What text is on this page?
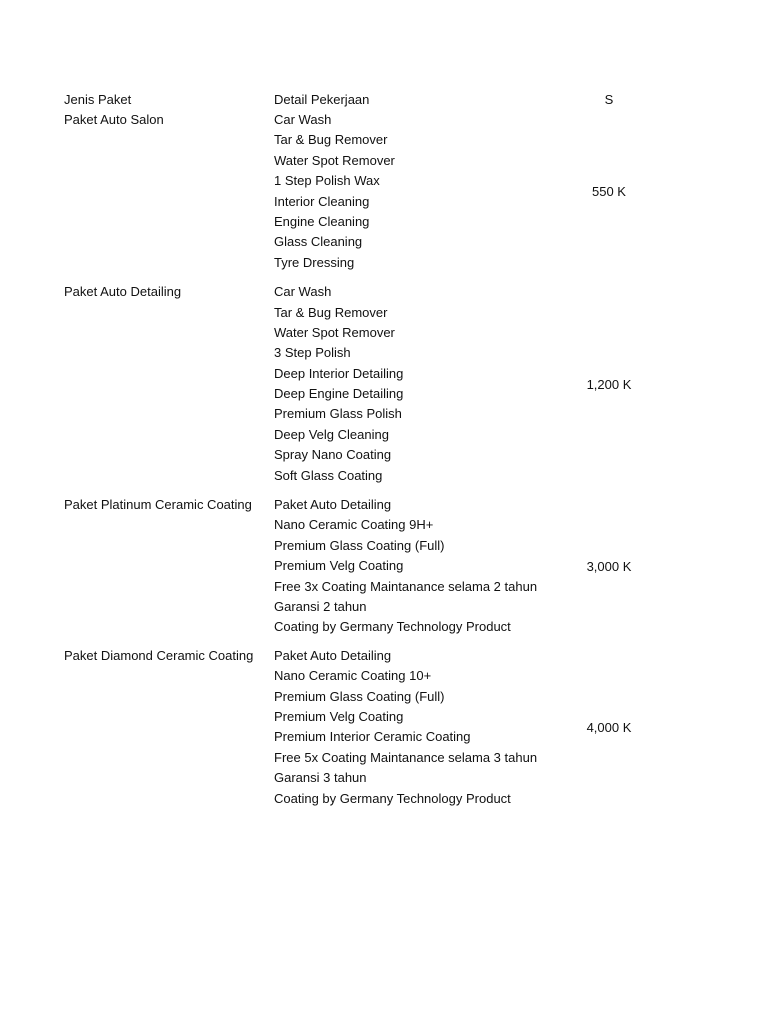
Jenis Paket	Detail Pekerjaan	S
Paket Auto Salon	Car Wash
Tar & Bug Remover
Water Spot Remover
1 Step Polish Wax
Interior Cleaning
Engine Cleaning
Glass Cleaning
Tyre Dressing
550 K
Paket Auto Detailing	Car Wash
Tar & Bug Remover
Water Spot Remover
3 Step Polish
Deep Interior Detailing
Deep Engine Detailing
Premium Glass Polish
Deep Velg Cleaning
Spray Nano Coating
Soft Glass Coating
1,200 K
Paket Platinum Ceramic Coating	Paket Auto Detailing
Nano Ceramic Coating 9H+
Premium Glass Coating (Full)
Premium Velg Coating
Free 3x Coating Maintanance selama 2 tahun
Garansi 2 tahun
Coating by Germany Technology Product
3,000 K
Paket Diamond Ceramic Coating	Paket Auto Detailing
Nano Ceramic Coating 10+
Premium Glass Coating (Full)
Premium Velg Coating
Premium Interior Ceramic Coating
Free 5x Coating Maintanance selama 3 tahun
Garansi 3 tahun
Coating by Germany Technology Product
4,000 K
